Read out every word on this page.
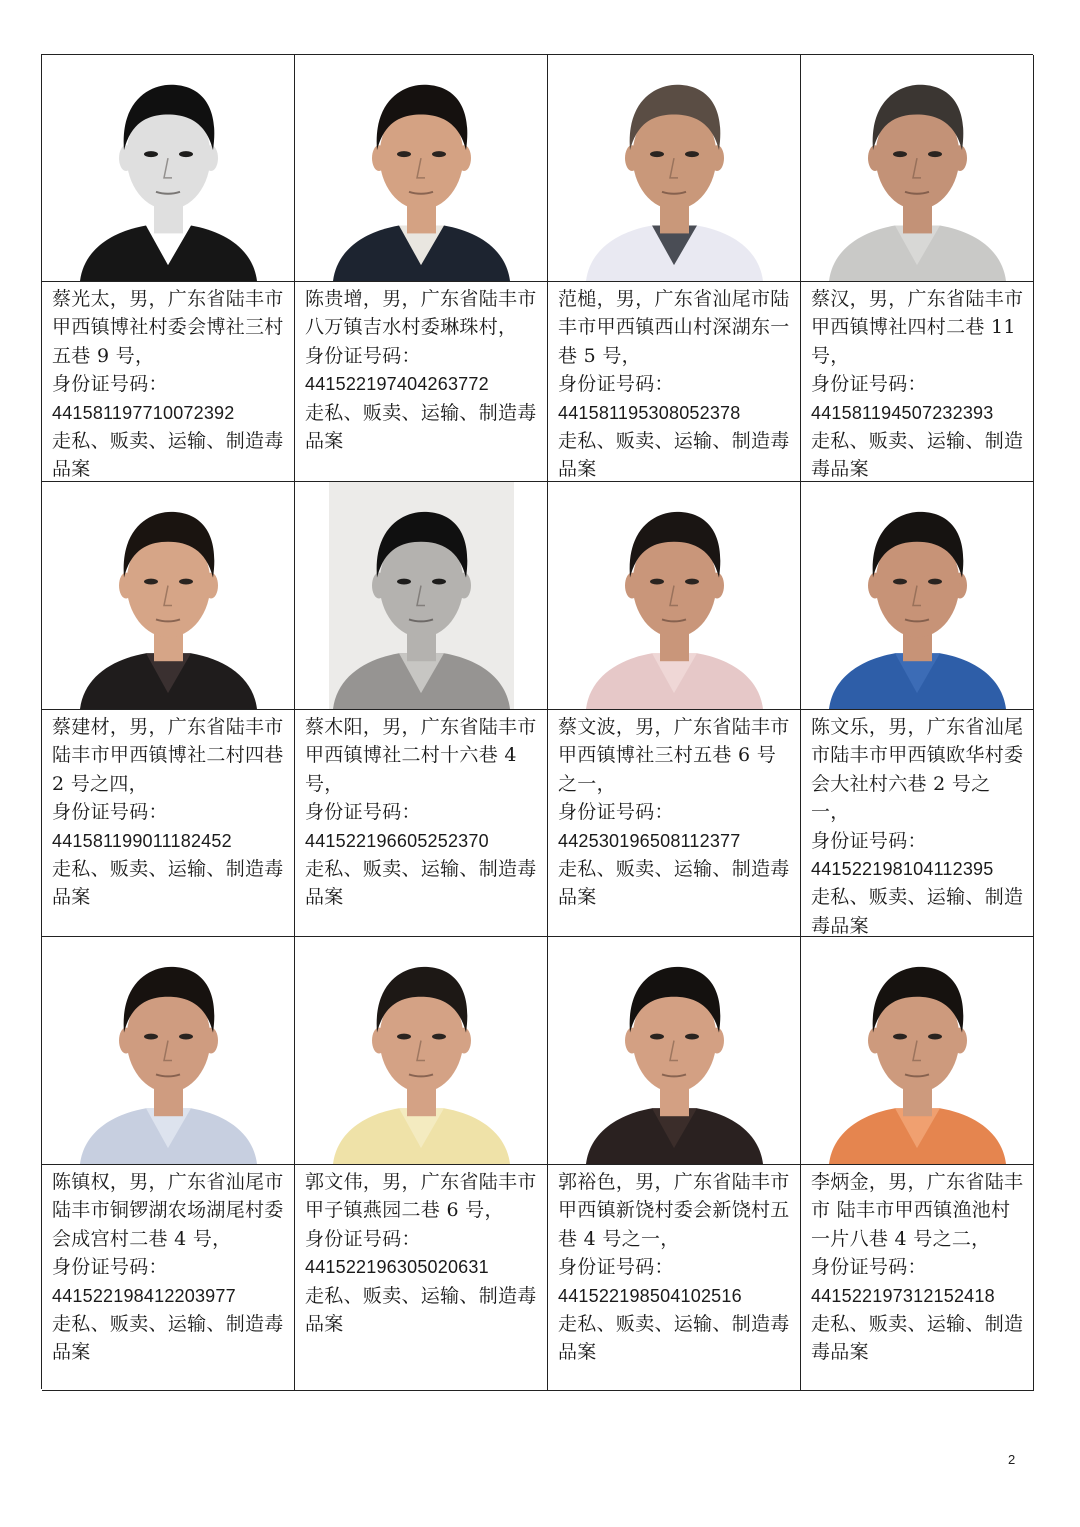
蔡光太，男，广东省陆丰市甲西镇博社村委会博社三村五巷 9 号，
身份证号码：
441581197710072392
走私、贩卖、运输、制造毒品案
陈贵增，男，广东省陆丰市八万镇吉水村委琳珠村，
身份证号码：
441522197404263772
走私、贩卖、运输、制造毒品案
范槌，男，广东省汕尾市陆丰市甲西镇西山村深湖东一巷 5 号，
身份证号码：
441581195308052378
走私、贩卖、运输、制造毒品案
蔡汉，男，广东省陆丰市 甲西镇博社四村二巷 11 号，
身份证号码：
441581194507232393
走私、贩卖、运输、制造毒品案
蔡建材，男，广东省陆丰市 陆丰市甲西镇博社二村四巷 2 号之四，
身份证号码：
441581199011182452
走私、贩卖、运输、制造毒品案
蔡木阳，男，广东省陆丰市甲西镇博社二村十六巷 4 号，
身份证号码：
441522196605252370
走私、贩卖、运输、制造毒品案
蔡文波，男，广东省陆丰市甲西镇博社三村五巷 6 号之一，
身份证号码：
442530196508112377
走私、贩卖、运输、制造毒品案
陈文乐，男，广东省汕尾市陆丰市甲西镇欧华村委会大社村六巷 2 号之一，
身份证号码：
441522198104112395
走私、贩卖、运输、制造毒品案
陈镇权，男，广东省汕尾市陆丰市铜锣湖农场湖尾村委会成宫村二巷 4 号，
身份证号码：
441522198412203977
走私、贩卖、运输、制造毒品案
郭文伟，男，广东省陆丰市甲子镇燕园二巷 6 号，
身份证号码：
441522196305020631
走私、贩卖、运输、制造毒品案
郭裕色，男，广东省陆丰市甲西镇新饶村委会新饶村五巷 4 号之一，
身份证号码：
441522198504102516
走私、贩卖、运输、制造毒品案
李炳金，男，广东省陆丰市 陆丰市甲西镇渔池村一片八巷 4 号之二，
身份证号码：
441522197312152418
走私、贩卖、运输、制造毒品案
2
